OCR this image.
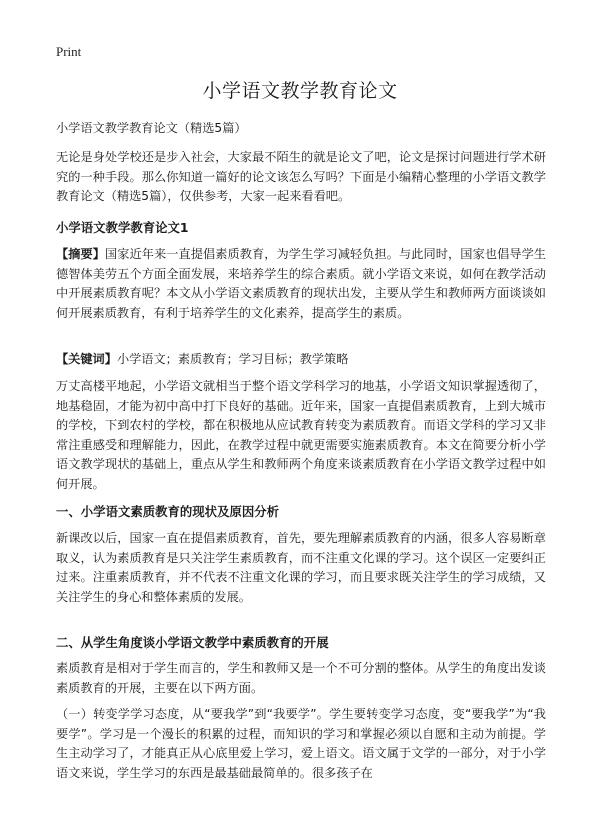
Print
小学语文教学教育论文

小学语文教学教育论文（精选5篇）

无论是身处学校还是步入社会，大家最不陌生的就是论文了吧，论文是探讨问题进行学术研究的一种手段。那么你知道一篇好的论文该怎么写吗？下面是小编精心整理的小学语文教学教育论文（精选5篇），仅供参考，大家一起来看看吧。

小学语文教学教育论文1

【摘要】国家近年来一直提倡素质教育，为学生学习减轻负担。与此同时，国家也倡导学生德智体美劳五个方面全面发展，来培养学生的综合素质。就小学语文来说，如何在教学活动中开展素质教育呢？本文从小学语文素质教育的现状出发，主要从学生和教师两方面谈谈如何开展素质教育，有利于培养学生的文化素养，提高学生的素质。

【关键词】小学语文；素质教育；学习目标；教学策略

万丈高楼平地起，小学语文就相当于整个语文学科学习的地基，小学语文知识掌握透彻了，地基稳固，才能为初中高中打下良好的基础。近年来，国家一直提倡素质教育，上到大城市的学校，下到农村的学校，都在积极地从应试教育转变为素质教育。而语文学科的学习又非常注重感受和理解能力，因此，在教学过程中就更需要实施素质教育。本文在简要分析小学语文教学现状的基础上，重点从学生和教师两个角度来谈素质教育在小学语文教学过程中如何开展。

一、小学语文素质教育的现状及原因分析

新课改以后，国家一直在提倡素质教育，首先，要先理解素质教育的内涵，很多人容易断章取义，认为素质教育是只关注学生素质教育，而不注重文化课的学习。这个误区一定要纠正过来。注重素质教育，并不代表不注重文化课的学习，而且要求既关注学生的学习成绩，又关注学生的身心和整体素质的发展。

二、从学生角度谈小学语文教学中素质教育的开展

素质教育是相对于学生而言的，学生和教师又是一个不可分割的整体。从学生的角度出发谈素质教育的开展，主要在以下两方面。

（一）转变学学习态度，从“要我学”到“我要学”。学生要转变学习态度，变“要我学”为“我要学”。学习是一个漫长的积累的过程，而知识的学习和掌握必须以自愿和主动为前提。学生主动学习了，才能真正从心底里爱上学习，爱上语文。语文属于文学的一部分，对于小学语文来说，学生学习的东西是最基础最简单的。很多孩子在
